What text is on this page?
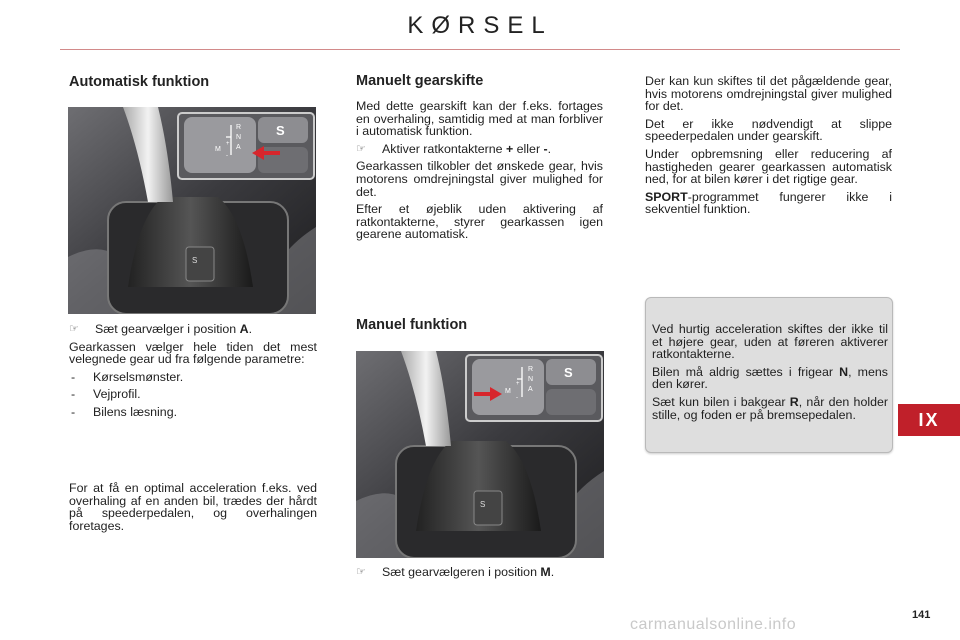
KØRSEL
Automatisk funktion
S
S
R
N
A
M
+
-

☞ Sæt gearvælger i position A.

Gearkassen vælger hele tiden det mest velegnede gear ud fra følgende parametre:

- Kørselsmønster.
- Vejprofil.
- Bilens læsning.
For at få en optimal acceleration f.eks. ved overhaling af en anden bil, trædes der hårdt på speederpedalen, og overhalingen foretages.
Manuelt gearskifte

Med dette gearskift kan der f.eks. fortages en overhaling, samtidig med at man forbliver i automatisk funktion.

☞ Aktiver ratkontakterne + eller -.

Gearkassen tilkobler det ønskede gear, hvis motorens omdrejningstal giver mulighed for det.

Efter et øjeblik uden aktivering af ratkontakterne, styrer gearkassen igen gearene automatisk.

Manuel funktion
S
S
R
N
A
M
+
-

☞ Sæt gearvælgeren i position M.

Der kan kun skiftes til det pågældende gear, hvis motorens omdrejningstal giver mulighed for det.

Det er ikke nødvendigt at slippe speederpedalen under gearskift.

Under opbremsning eller reducering af hastigheden gearer gearkassen automatisk ned, for at bilen kører i det rigtige gear.

SPORT-programmet fungerer ikke i sekventiel funktion.

Ved hurtig acceleration skiftes der ikke til et højere gear, uden at føreren aktiverer ratkontakterne.

Bilen må aldrig sættes i frigear N, mens den kører.

Sæt kun bilen i bakgear R, når den holder stille, og foden er på bremsepedalen.	IX
141
carmanualsonline.info
